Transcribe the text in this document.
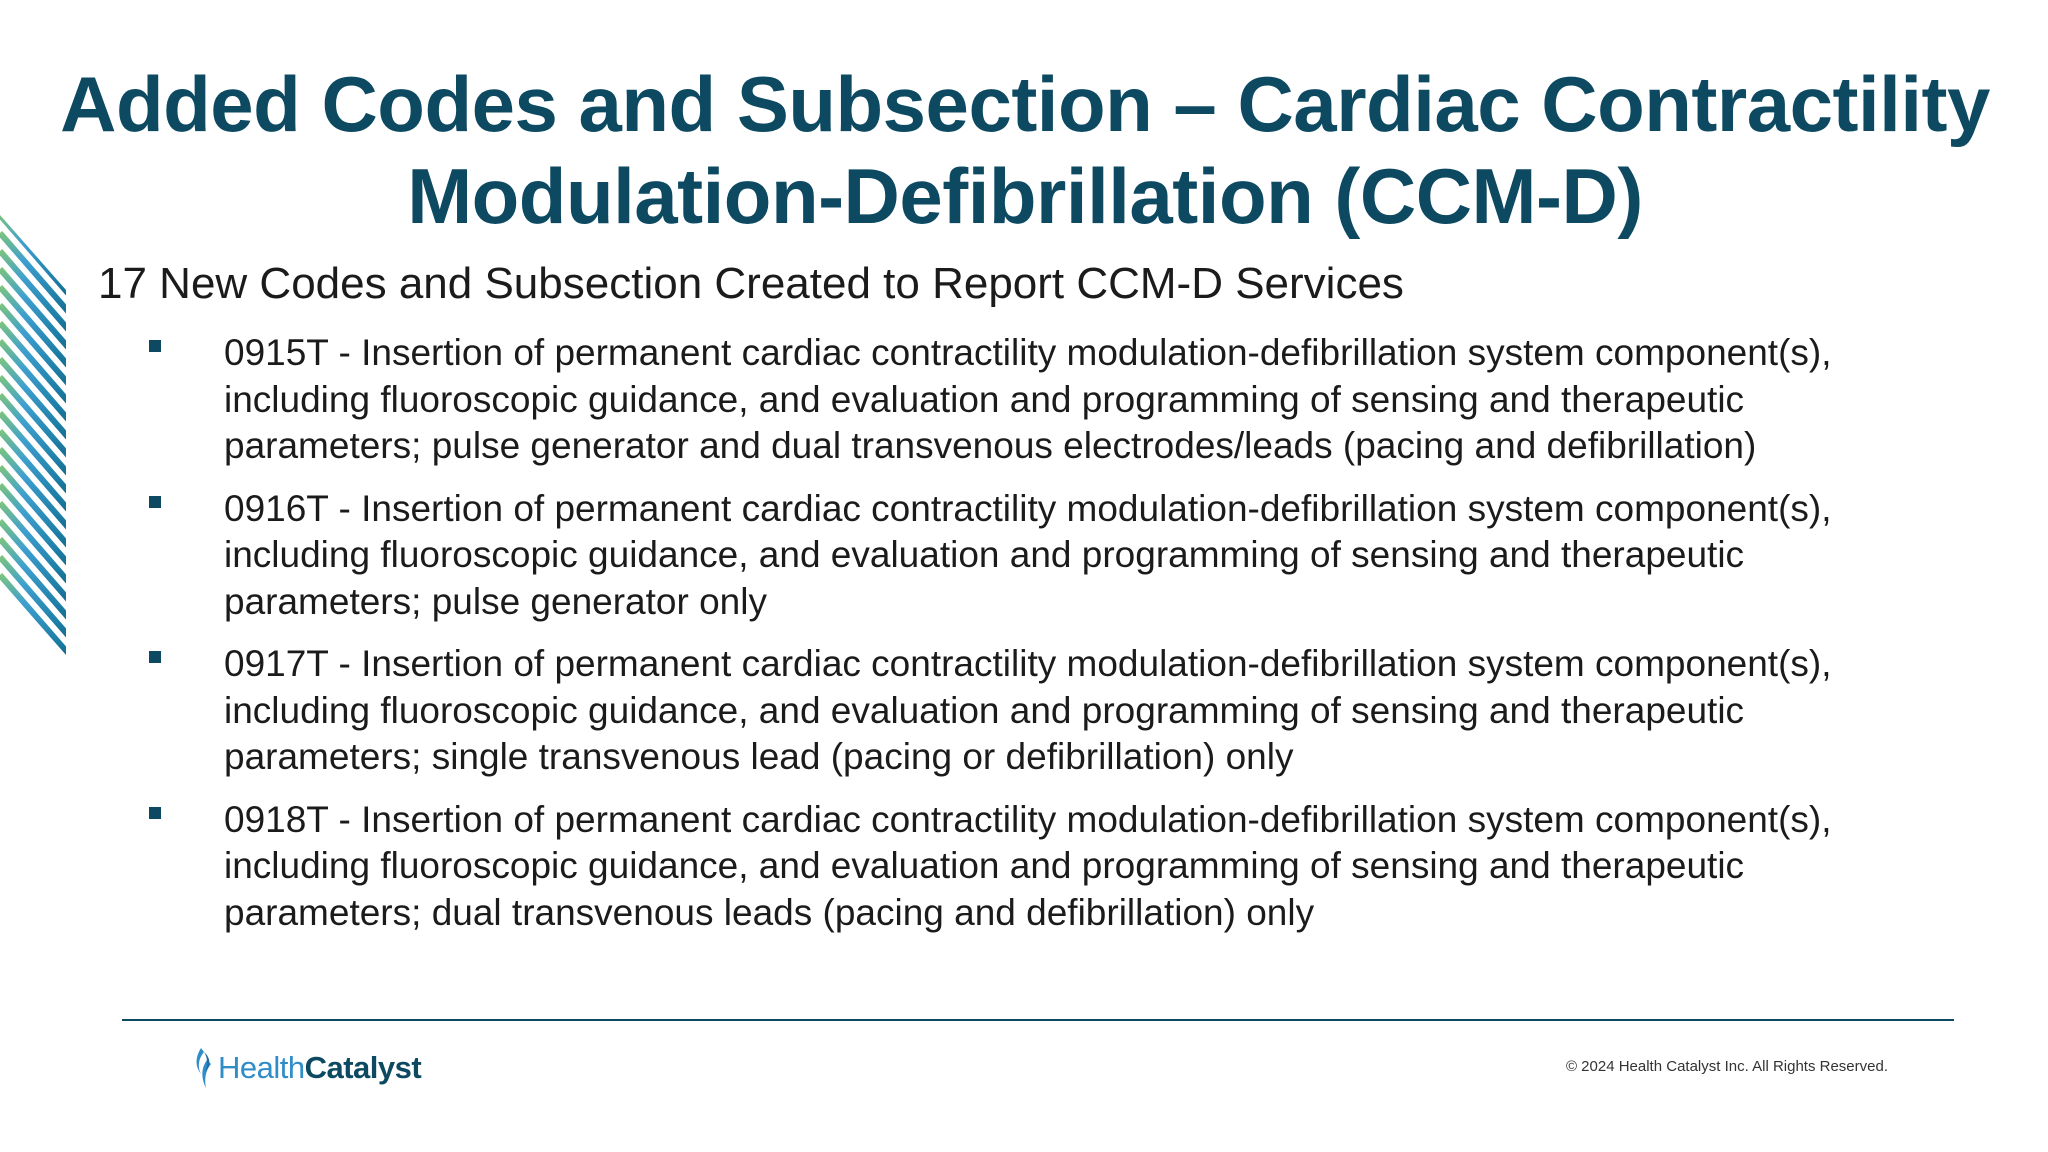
Added Codes and Subsection – Cardiac Contractility
Modulation-Defibrillation (CCM-D)
17 New Codes and Subsection Created to Report CCM-D Services
0915T - Insertion of permanent cardiac contractility modulation-defibrillation system component(s), including fluoroscopic guidance, and evaluation and programming of sensing and therapeutic parameters; pulse generator and dual transvenous electrodes/leads (pacing and defibrillation)
0916T - Insertion of permanent cardiac contractility modulation-defibrillation system component(s), including fluoroscopic guidance, and evaluation and programming of sensing and therapeutic parameters; pulse generator only
0917T - Insertion of permanent cardiac contractility modulation-defibrillation system component(s), including fluoroscopic guidance, and evaluation and programming of sensing and therapeutic parameters; single transvenous lead (pacing or defibrillation) only
0918T - Insertion of permanent cardiac contractility modulation-defibrillation system component(s), including fluoroscopic guidance, and evaluation and programming of sensing and therapeutic parameters; dual transvenous leads (pacing and defibrillation) only
HealthCatalyst	© 2024 Health Catalyst Inc. All Rights Reserved.
